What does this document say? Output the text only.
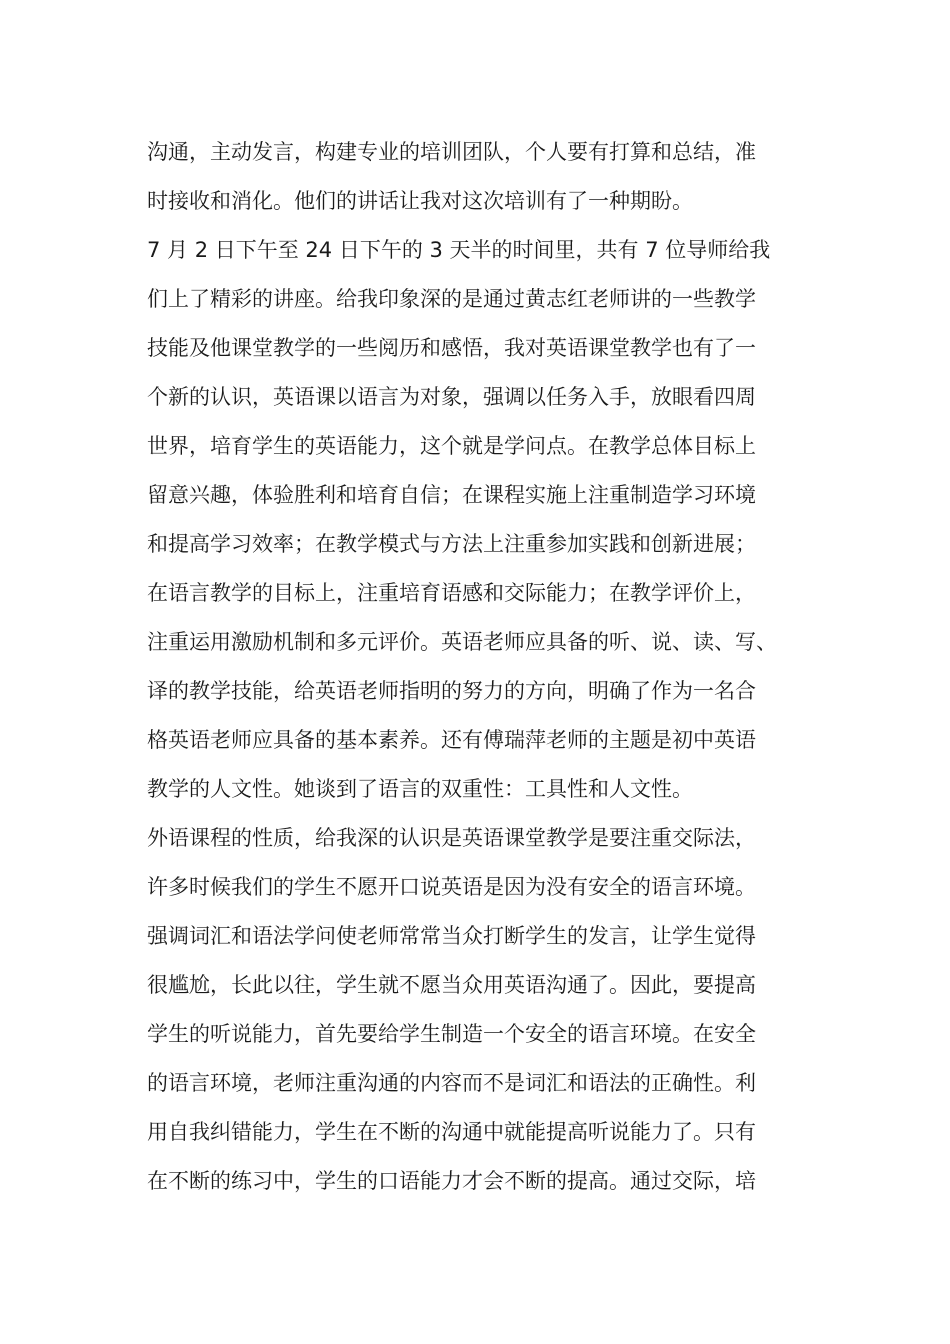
沟通，主动发言，构建专业的培训团队，个人要有打算和总结，准
时接收和消化。他们的讲话让我对这次培训有了一种期盼。
7 月 2 日下午至 24 日下午的 3 天半的时间里，共有 7 位导师给我
们上了精彩的讲座。给我印象深的是通过黄志红老师讲的一些教学
技能及他课堂教学的一些阅历和感悟，我对英语课堂教学也有了一
个新的认识，英语课以语言为对象，强调以任务入手，放眼看四周
世界，培育学生的英语能力，这个就是学问点。在教学总体目标上
留意兴趣，体验胜利和培育自信；在课程实施上注重制造学习环境
和提高学习效率；在教学模式与方法上注重参加实践和创新进展；
在语言教学的目标上，注重培育语感和交际能力；在教学评价上，
注重运用激励机制和多元评价。英语老师应具备的听、说、读、写、
译的教学技能，给英语老师指明的努力的方向，明确了作为一名合
格英语老师应具备的基本素养。还有傅瑞萍老师的主题是初中英语
教学的人文性。她谈到了语言的双重性：工具性和人文性。
外语课程的性质，给我深的认识是英语课堂教学是要注重交际法，
许多时候我们的学生不愿开口说英语是因为没有安全的语言环境。
强调词汇和语法学问使老师常常当众打断学生的发言，让学生觉得
很尴尬，长此以往，学生就不愿当众用英语沟通了。因此，要提高
学生的听说能力，首先要给学生制造一个安全的语言环境。在安全
的语言环境，老师注重沟通的内容而不是词汇和语法的正确性。利
用自我纠错能力，学生在不断的沟通中就能提高听说能力了。只有
在不断的练习中，学生的口语能力才会不断的提高。通过交际，培
